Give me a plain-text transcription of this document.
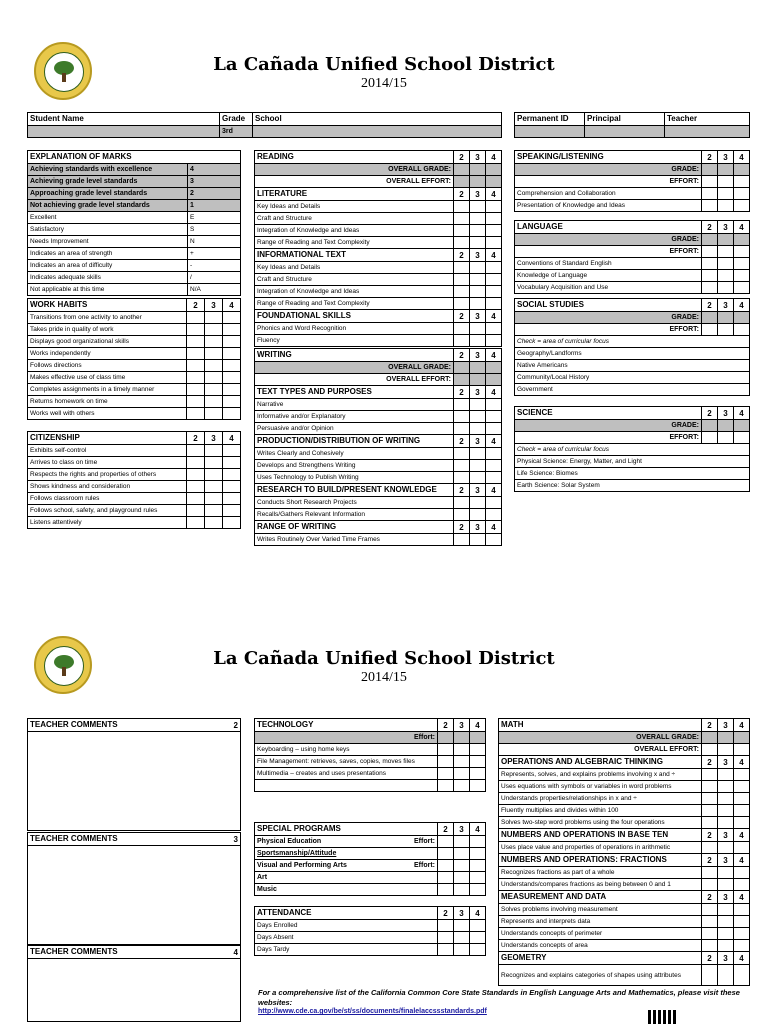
La Cañada Unified School District
2014/15
Student Name	Grade	School
	3rd	
Permanent ID	Principal	Teacher

EXPLANATION OF MARKS	
Achieving standards with excellence	4
Achieving grade level standards	3
Approaching grade level standards	2
Not achieving grade level standards	1
Excellent	E
Satisfactory	S
Needs Improvement	N
Indicates an area of strength	+
Indicates an area of difficulty	-
Indicates adequate skills	/
Not applicable at this time	N/A
WORK HABITS	2	3	4
Transitions from one activity to another			
Takes pride in quality of work			
Displays good organizational skills			
Works independently			
Follows directions			
Makes effective use of class time			
Completes assignments in a timely manner			
Returns homework on time			
Works well with others			
CITIZENSHIP	2	3	4
Exhibits self-control			
Arrives to class on time			
Respects the rights and properties of others			
Shows kindness and consideration			
Follows classroom rules			
Follows school, safety, and playground rules			
Listens attentively			
READING	2	3	4
OVERALL GRADE:			
OVERALL EFFORT:			
LITERATURE	2	3	4
Key Ideas and Details			
Craft and Structure			
Integration of Knowledge and Ideas			
Range of Reading and Text Complexity			
INFORMATIONAL TEXT	2	3	4
Key Ideas and Details			
Craft and Structure			
Integration of Knowledge and Ideas			
Range of Reading and Text Complexity			
FOUNDATIONAL SKILLS	2	3	4
Phonics and Word Recognition			
Fluency			
WRITING	2	3	4
OVERALL GRADE:			
OVERALL EFFORT:			
TEXT TYPES AND PURPOSES	2	3	4
Narrative			
Informative and/or Explanatory			
Persuasive and/or Opinion			
PRODUCTION/DISTRIBUTION OF WRITING	2	3	4
Writes Clearly and Cohesively			
Develops and Strengthens Writing			
Uses Technology to Publish Writing			
RESEARCH TO BUILD/PRESENT KNOWLEDGE	2	3	4
Conducts Short Research Projects			
Recalls/Gathers Relevant Information			
RANGE OF WRITING	2	3	4
Writes Routinely Over Varied Time Frames			
SPEAKING/LISTENING	2	3	4
GRADE:			
EFFORT:			
Comprehension and Collaboration			
Presentation of Knowledge and Ideas			
LANGUAGE	2	3	4
GRADE:			
EFFORT:			
Conventions of Standard English			
Knowledge of Language			
Vocabulary Acquisition and Use			
SOCIAL STUDIES	2	3	4
GRADE:			
EFFORT:			
Check = area of curricular focus			
Geography/Landforms			
Native Americans			
Community/Local History			
Government			
SCIENCE	2	3	4
GRADE:			
EFFORT:			
Check = area of curricular focus			
Physical Science: Energy, Matter, and Light			
Life Science: Biomes			
Earth Science: Solar System			
La Cañada Unified School District
2014/15
TEACHER COMMENTS	2

TEACHER COMMENTS	3

TEACHER COMMENTS	4

TECHNOLOGY	2	3	4
Effort:			
Keyboarding – using home keys			
File Management: retrieves, saves, copies, moves files			
Multimedia – creates and uses presentations			

SPECIAL PROGRAMS		2	3	4
Physical Education	Effort:			
Sportsmanship/Attitude				
Visual and Performing Arts	Effort:			
Art				
Music				
ATTENDANCE	2	3	4
Days Enrolled			
Days Absent			
Days Tardy			
MATH	2	3	4
OVERALL GRADE:			
OVERALL EFFORT:			
OPERATIONS AND ALGEBRAIC THINKING	2	3	4
Represents, solves, and explains problems involving x and ÷			
Uses equations with symbols or variables in word problems			
Understands properties/relationships in x and ÷			
Fluently multiplies and divides within 100			
Solves two-step word problems using the four operations			
NUMBERS AND OPERATIONS IN BASE TEN	2	3	4
Uses place value and properties of operations in arithmetic			
NUMBERS AND OPERATIONS: FRACTIONS	2	3	4
Recognizes fractions as part of a whole			
Understands/compares fractions as being between 0 and 1			
MEASUREMENT AND DATA	2	3	4
Solves problems involving measurement			
Represents and interprets data			
Understands concepts of perimeter			
Understands concepts of area			
GEOMETRY	2	3	4
Recognizes and explains categories of shapes using attributes			
For a comprehensive list of the California Common Core State Standards in English Language Arts and Mathematics, please visit these websites:
http://www.cde.ca.gov/be/st/ss/documents/finalelaccssstandards.pdf
